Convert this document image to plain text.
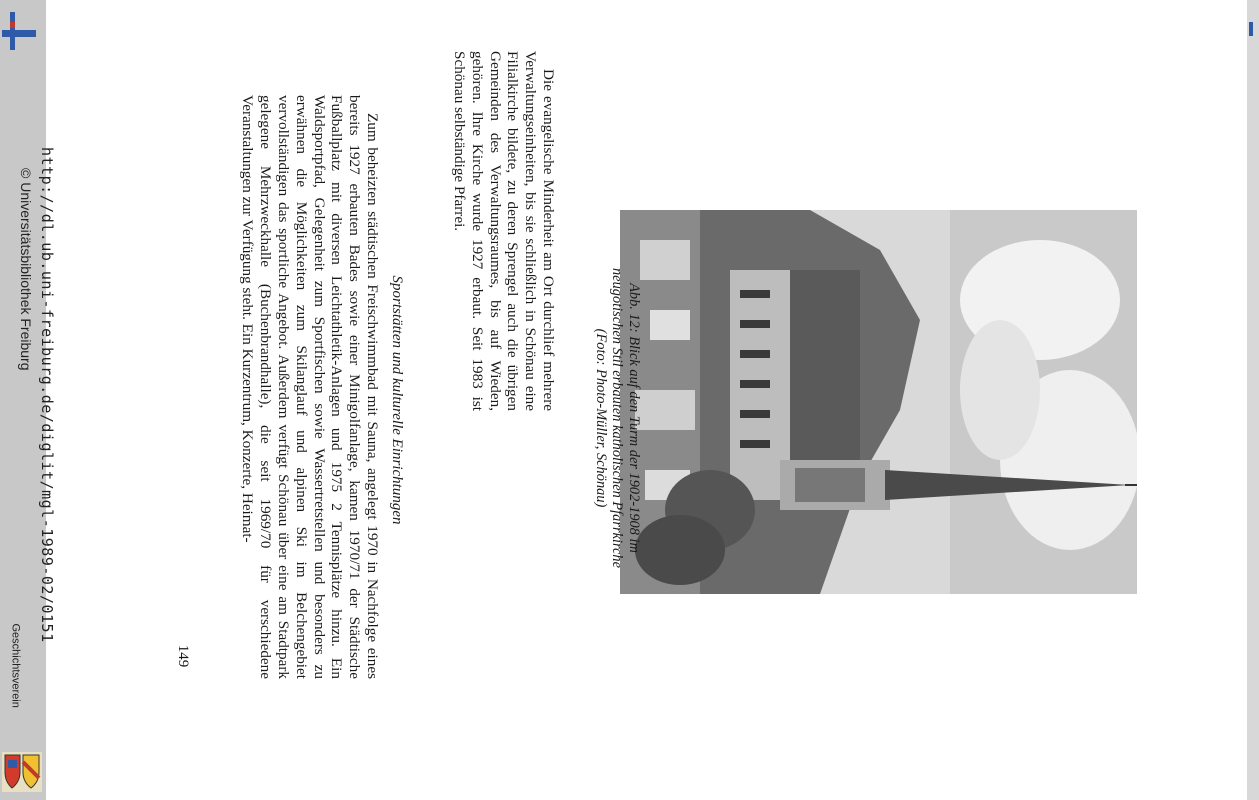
http://dl.ub.uni-freiburg.de/diglit/mgl-1989-02/0151
© Universitätsbibliothek Freiburg
Geschichtsverein

Die evangelische Minderheit am Ort durchlief mehrere Verwaltungseinheiten, bis sie schließlich in Schönau eine Filialkirche bildete, zu deren Sprengel auch die übrigen Gemeinden des Verwaltungsraumes, bis auf Wieden, gehören. Ihre Kirche wurde 1927 erbaut. Seit 1983 ist Schönau selbständige Pfarrei.

Abb. 12: Blick auf den Turm der 1902-1908 im
neugotischen Stil erbauten katholischen Pfarrkirche
(Foto: Photo-Müller, Schönau)
Sportstätten und kulturelle Einrichtungen

Zum beheizten städtischen Freischwimmbad mit Sauna, angelegt 1970 in Nachfolge eines bereits 1927 erbauten Bades sowie einer Minigolfanlage, kamen 1970/71 der Städtische Fußballplatz mit diversen Leichtathletik-Anlagen und 1975 2 Tennisplätze hinzu. Ein Waldsportpfad, Gelegenheit zum Sportfischen sowie Wassertretstellen und besonders zu erwähnen die Möglichkeiten zum Skilanglauf und alpinen Ski im Belchengebiet vervollständigen das sportliche Angebot. Außerdem verfügt Schönau über eine am Stadtpark gelegene Mehrzweckhalle (Buchenbrandhalle), die seit 1969/70 für verschiedene Veranstaltungen zur Verfügung steht. Ein Kurzentrum, Konzerte, Heimat-

149
